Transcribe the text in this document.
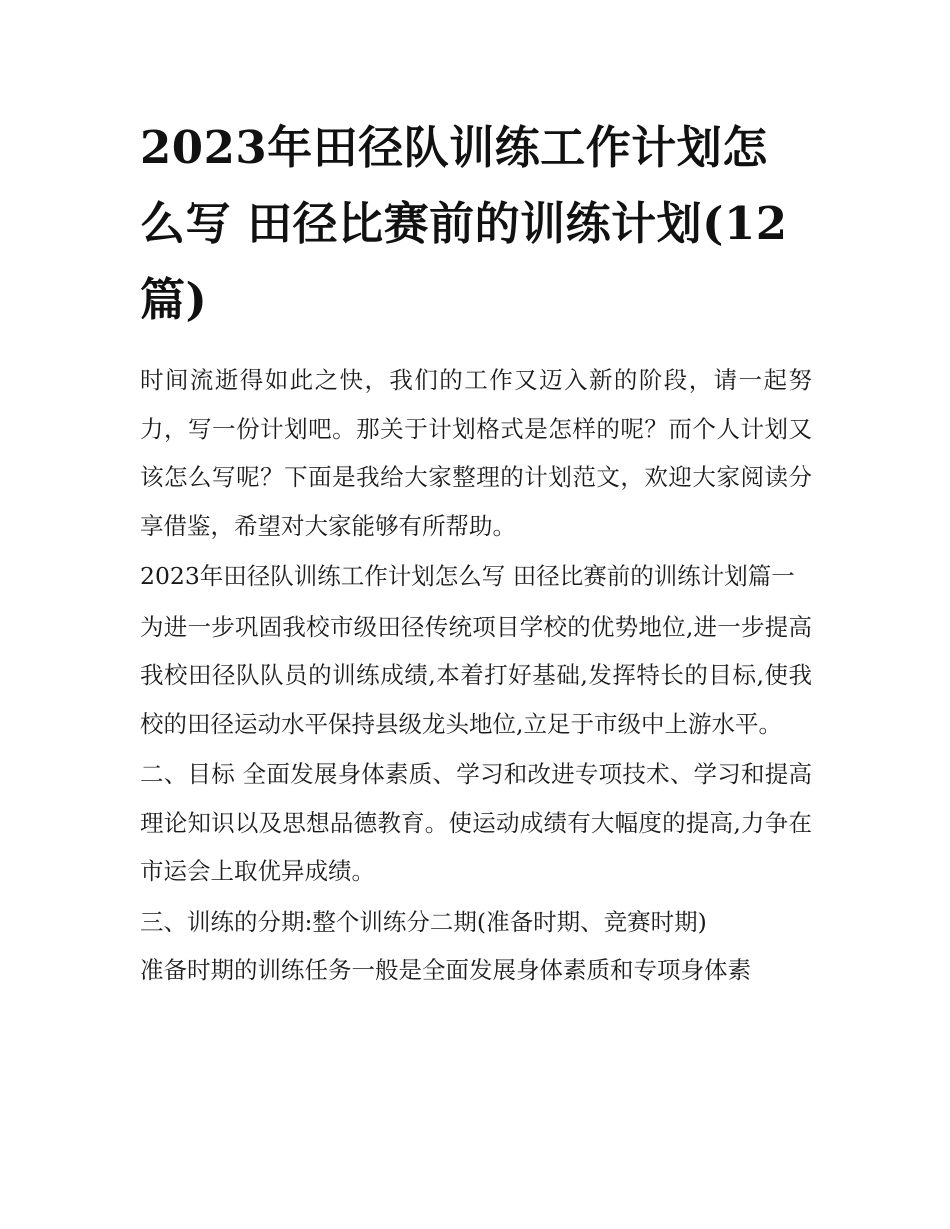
2023年田径队训练工作计划怎么写 田径比赛前的训练计划(12篇)

时间流逝得如此之快，我们的工作又迈入新的阶段，请一起努力，写一份计划吧。那关于计划格式是怎样的呢？而个人计划又该怎么写呢？下面是我给大家整理的计划范文，欢迎大家阅读分享借鉴，希望对大家能够有所帮助。

2023年田径队训练工作计划怎么写 田径比赛前的训练计划篇一

为进一步巩固我校市级田径传统项目学校的优势地位,进一步提高我校田径队队员的训练成绩,本着打好基础,发挥特长的目标,使我校的田径运动水平保持县级龙头地位,立足于市级中上游水平。

二、目标 全面发展身体素质、学习和改进专项技术、学习和提高理论知识以及思想品德教育。使运动成绩有大幅度的提高,力争在市运会上取优异成绩。

三、训练的分期:整个训练分二期(准备时期、竞赛时期)

准备时期的训练任务一般是全面发展身体素质和专项身体素
